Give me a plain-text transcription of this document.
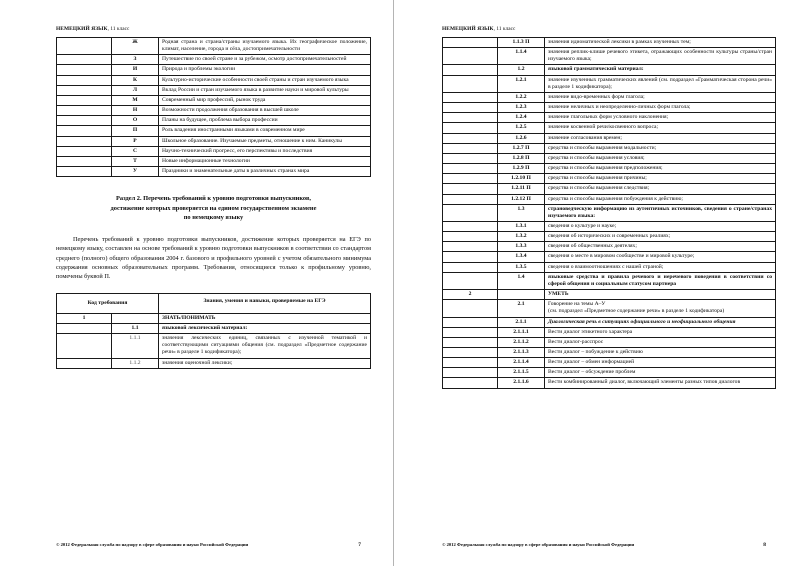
НЕМЕЦКИЙ ЯЗЫК, 11 класс
	Ж	Родная страна и страна/страны изучаемого языка. Их географическое положение, климат, население, города и сёла, достопримечательности
	З	Путешествие по своей стране и за рубежом, осмотр достопримечательностей
	И	Природа и проблемы экологии
	К	Культурно-исторические особенности своей страны и стран изучаемого языка
	Л	Вклад России и стран изучаемого языка в развитие науки и мировой культуры
	М	Современный мир профессий, рынок труда
	Н	Возможности продолжения образования в высшей школе
	О	Планы на будущее, проблема выбора профессии
	П	Роль владения иностранными языками в современном мире
	Р	Школьное образование. Изучаемые предметы, отношение к ним. Каникулы
	С	Научно-технический прогресс, его перспективы и последствия
	Т	Новые информационные технологии
	У	Праздники и знаменательные даты в различных странах мира
Раздел 2. Перечень требований к уровню подготовки выпускников,
достижение которых проверяется на едином государственном экзамене
по немецкому языку

Перечень требований к уровню подготовки выпускников, достижение которых проверяется на ЕГЭ по немецкому языку, составлен на основе требований к уровню подготовки выпускников в соответствии со стандартом среднего (полного) общего образования 2004 г. базового и профильного уровней с учетом обязательного минимума содержания основных образовательных программ. Требования, относящиеся только к профильному уровню, помечены буквой П.

Код требования		Знания, умения и навыки, проверяемые на ЕГЭ
1		ЗНАТЬ/ПОНИМАТЬ
	1.1	языковой лексический материал:
	1.1.1	значения лексических единиц, связанных с изученной тематикой и соответствующими ситуациями общения (см. подраздел «Предметное содержание речи» в разделе 1 кодификатора);
	1.1.2	значения оценочной лексики;
© 2012 Федеральная служба по надзору в сфере образования и науки Российской Федерации	7
НЕМЕЦКИЙ ЯЗЫК, 11 класс
	1.1.3 П	значения идиоматической лексики в рамках изученных тем;
	1.1.4	значения реплик-клише речевого этикета, отражающих особенности культуры страны/стран изучаемого языка;
	1.2	языковой грамматический материал:
	1.2.1	значение изученных грамматических явлений (см. подраздел «Грамматическая сторона речи» в разделе 1 кодификатора);
	1.2.2	значение видо-временных форм глагола;
	1.2.3	значение неличных и неопределенно-личных форм глагола;
	1.2.4	значение глагольных форм условного наклонения;
	1.2.5	значение косвенной речи/косвенного вопроса;
	1.2.6	значение согласования времен;
	1.2.7 П	средства и способы выражения модальности;
	1.2.8 П	средства и способы выражения условия;
	1.2.9 П	средства и способы выражения предположения;
	1.2.10 П	средства и способы выражения причины;
	1.2.11 П	средства и способы выражения следствия;
	1.2.12 П	средства и способы выражения побуждения к действию;
	1.3	страноведческую информацию из аутентичных источников, сведения о стране/странах изучаемого языка:
	1.3.1	сведения о культуре и науке;
	1.3.2	сведения об исторических и современных реалиях;
	1.3.3	сведения об общественных деятелях;
	1.3.4	сведения о месте в мировом сообществе и мировой культуре;
	1.3.5	сведения о взаимоотношениях с нашей страной;
	1.4	языковые средства и правила речевого и неречевого поведения в соответствии со сферой общения и социальным статусом партнера
2		УМЕТЬ
	2.1	Говорение на темы А–У
(см. подраздел «Предметное содержание речи» в разделе 1 кодификатора)
	2.1.1	Диалогическая речь в ситуациях официального и неофициального общения
	2.1.1.1	Вести диалог этикетного характера
	2.1.1.2	Вести диалог-расспрос
	2.1.1.3	Вести диалог – побуждение к действию
	2.1.1.4	Вести диалог – обмен информацией
	2.1.1.5	Вести диалог – обсуждение проблем
	2.1.1.6	Вести комбинированный диалог, включающий элементы разных типов диалогов
© 2012 Федеральная служба по надзору в сфере образования и науки Российской Федерации	8
